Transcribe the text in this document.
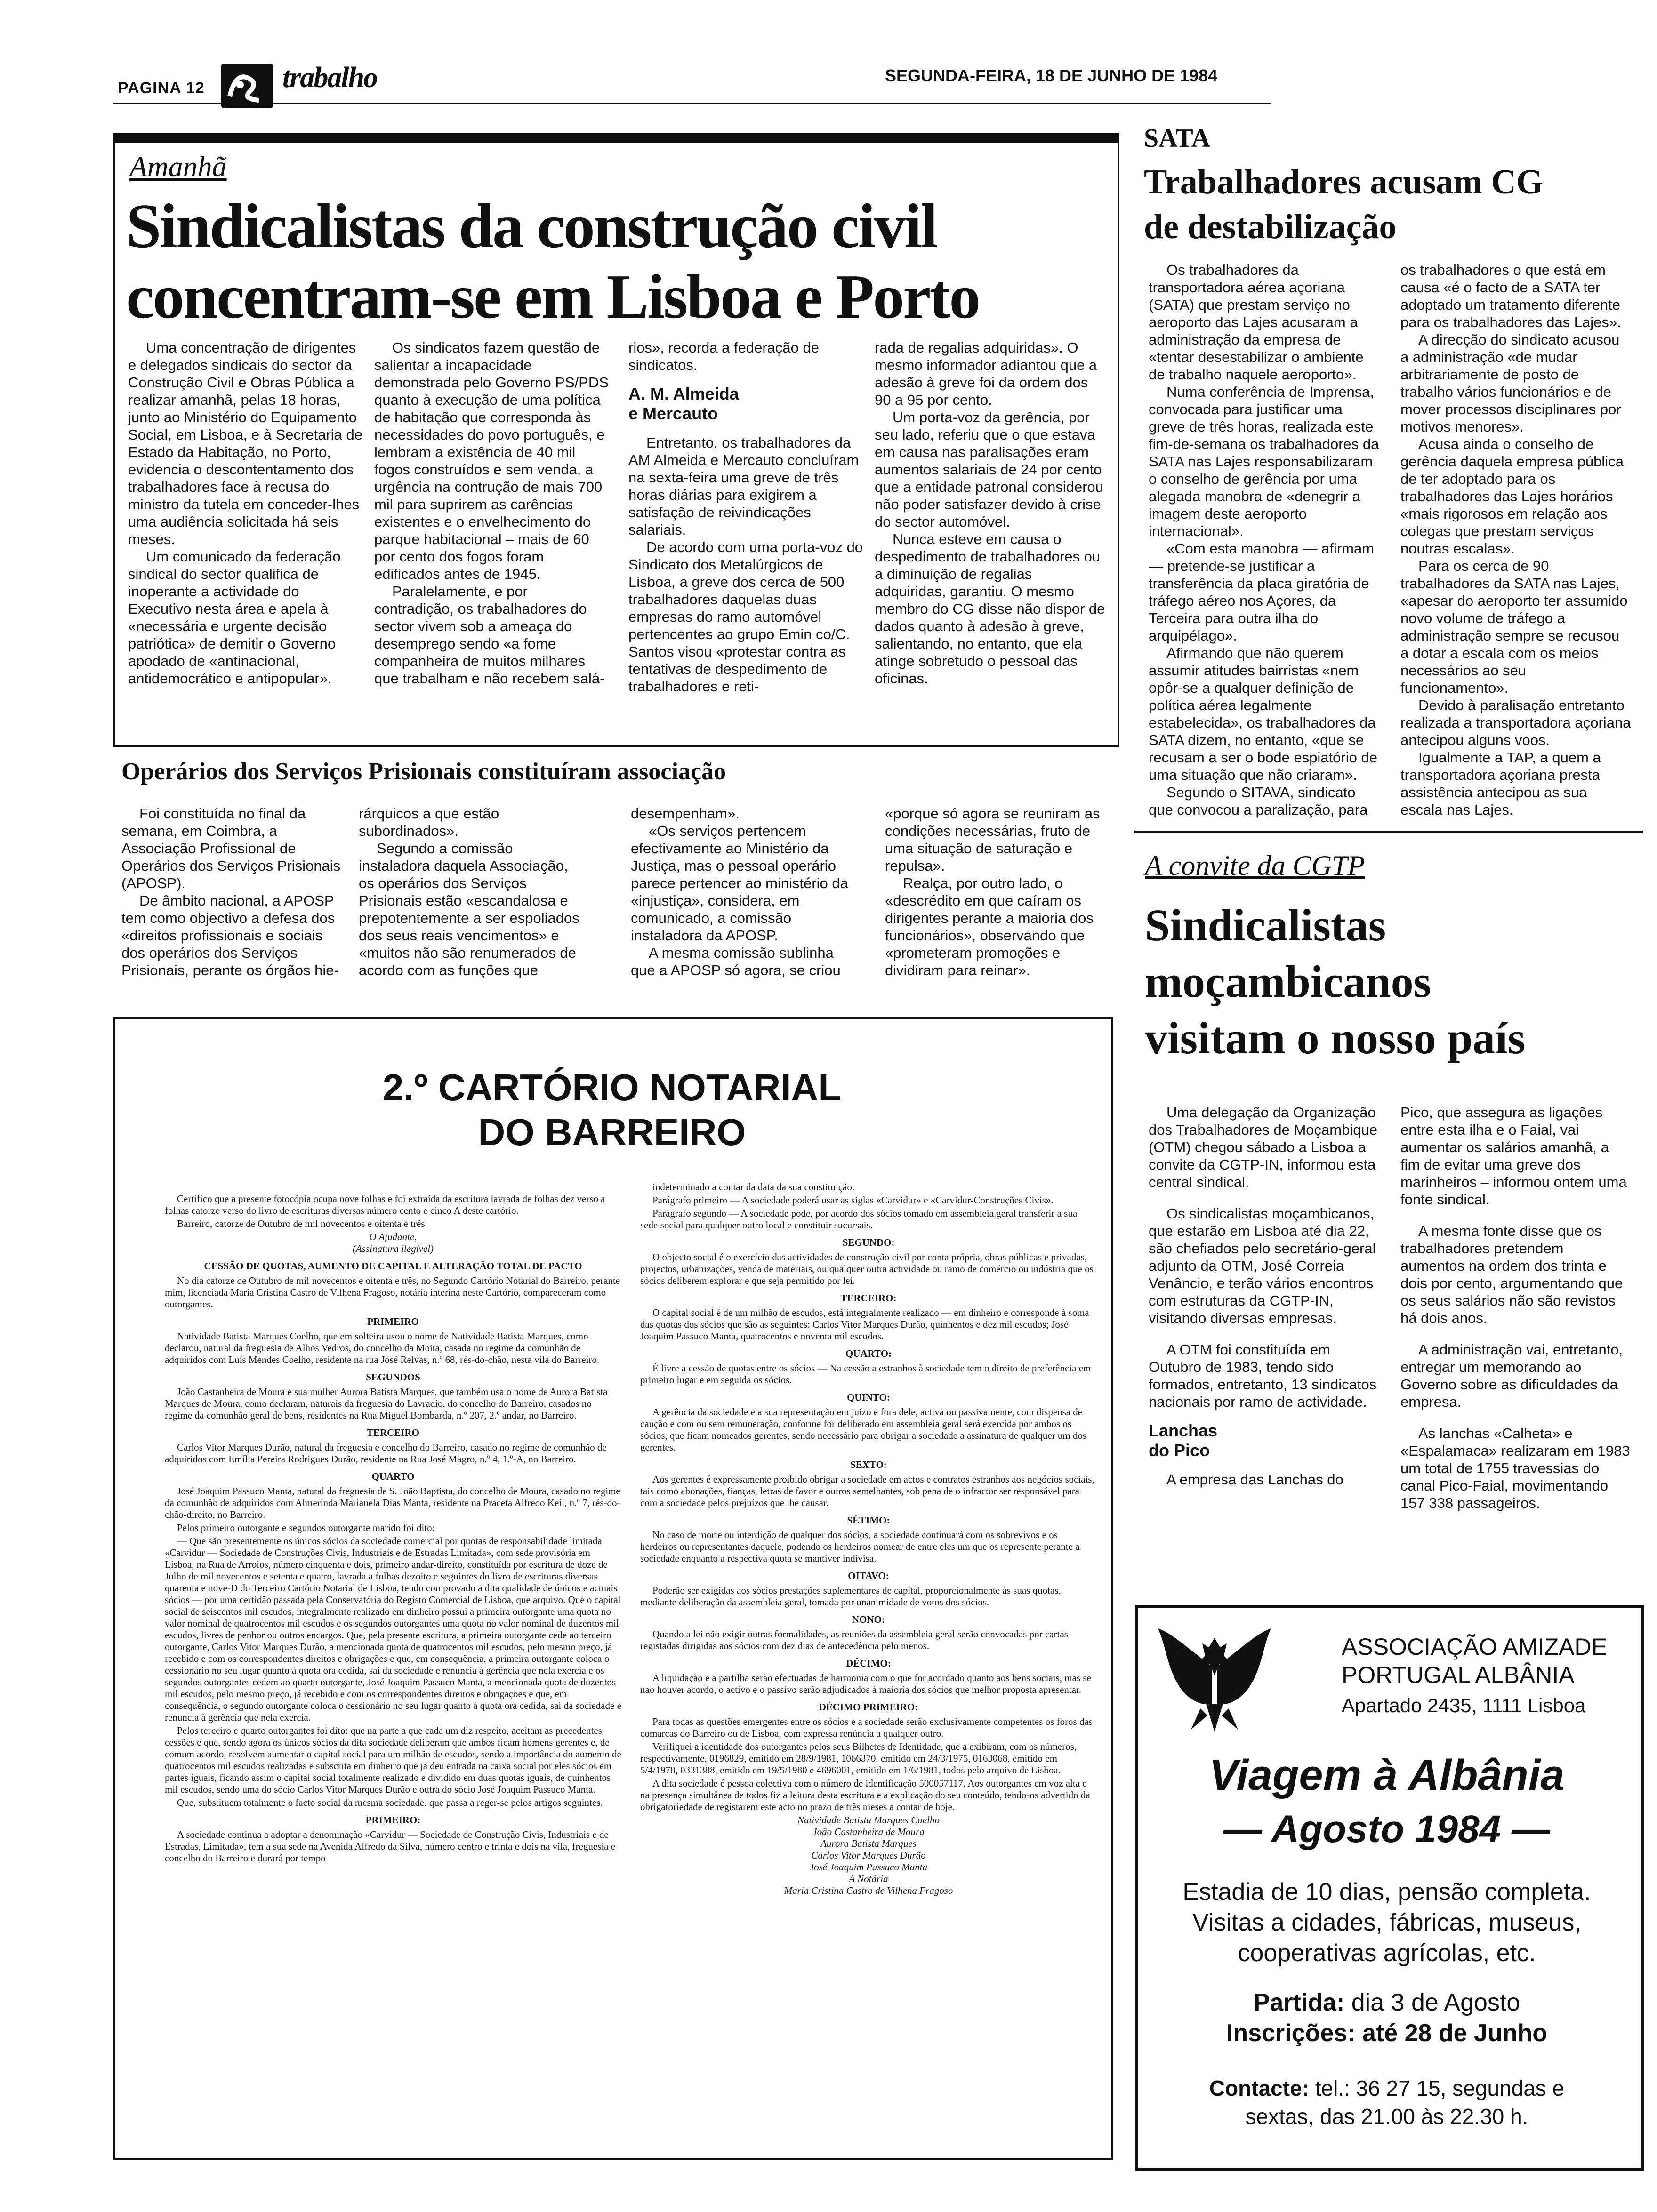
PAGINA 12	trabalho	SEGUNDA-FEIRA, 18 DE JUNHO DE 1984
Amanhã
Sindicalistas da construção civil
concentram-se em Lisboa e Porto

Uma concentração de dirigentes e delegados sindicais do sector da Construção Civil e Obras Pública a realizar amanhã, pelas 18 horas, junto ao Ministério do Equipamento Social, em Lisboa, e à Secretaria de Estado da Habitação, no Porto, evidencia o descontentamento dos trabalhadores face à recusa do ministro da tutela em conceder-lhes uma audiência solicitada há seis meses.

Um comunicado da federação sindical do sector qualifica de inoperante a actividade do Executivo nesta área e apela à «necessária e urgente decisão patriótica» de demitir o Governo apodado de «antinacional, antidemocrático e antipopular».

Os sindicatos fazem questão de salientar a incapacidade demonstrada pelo Governo PS/PDS quanto à execução de uma política de habitação que corresponda às necessidades do povo português, e lembram a existência de 40 mil fogos construídos e sem venda, a urgência na contrução de mais 700 mil para suprirem as carências existentes e o envelhecimento do parque habitacional – mais de 60 por cento dos fogos foram edificados antes de 1945.

Paralelamente, e por contradição, os trabalhadores do sector vivem sob a ameaça do desemprego sendo «a fome companheira de muitos milhares que trabalham e não recebem salá-

rios», recorda a federação de sindicatos.

A. M. Almeida
e Mercauto

Entretanto, os trabalhadores da AM Almeida e Mercauto concluíram na sexta-feira uma greve de três horas diárias para exigirem a satisfação de reivindicações salariais.

De acordo com uma porta-voz do Sindicato dos Metalúrgicos de Lisboa, a greve dos cerca de 500 trabalhadores daquelas duas empresas do ramo automóvel pertencentes ao grupo Emin co/C. Santos visou «protestar contra as tentativas de despedimento de trabalhadores e reti-

rada de regalias adquiridas». O mesmo informador adiantou que a adesão à greve foi da ordem dos 90 a 95 por cento.

Um porta-voz da gerência, por seu lado, referiu que o que estava em causa nas paralisações eram aumentos salariais de 24 por cento que a entidade patronal considerou não poder satisfazer devido à crise do sector automóvel.

Nunca esteve em causa o despedimento de trabalhadores ou a diminuição de regalias adquiridas, garantiu. O mesmo membro do CG disse não dispor de dados quanto à adesão à greve, salientando, no entanto, que ela atinge sobretudo o pessoal das oficinas.

Operários dos Serviços Prisionais constituíram associação

Foi constituída no final da semana, em Coimbra, a Associação Profissional de Operários dos Serviços Prisionais (APOSP).

De âmbito nacional, a APOSP tem como objectivo a defesa dos «direitos profissionais e sociais dos operários dos Serviços Prisionais, perante os órgãos hie-

rárquicos a que estão subordinados».

Segundo a comissão instaladora daquela Associação, os operários dos Serviços Prisionais estão «escandalosa e prepotentemente a ser espoliados dos seus reais vencimentos» e «muitos não são renumerados de acordo com as funções que

desempenham».

«Os serviços pertencem efectivamente ao Ministério da Justiça, mas o pessoal operário parece pertencer ao ministério da «injustiça», considera, em comunicado, a comissão instaladora da APOSP.

A mesma comissão sublinha que a APOSP só agora, se criou

«porque só agora se reuniram as condições necessárias, fruto de uma situação de saturação e repulsa».

Realça, por outro lado, o «descrédito em que caíram os dirigentes perante a maioria dos funcionários», observando que «prometeram promoções e dividiram para reinar».

SATA
Trabalhadores acusam CG
de destabilização

Os trabalhadores da transportadora aérea açoriana (SATA) que prestam serviço no aeroporto das Lajes acusaram a administração da empresa de «tentar desestabilizar o ambiente de trabalho naquele aeroporto».

Numa conferência de Imprensa, convocada para justificar uma greve de três horas, realizada este fim-de-semana os trabalhadores da SATA nas Lajes responsabilizaram o conselho de gerência por uma alegada manobra de «denegrir a imagem deste aeroporto internacional».

«Com esta manobra — afirmam — pretende-se justificar a transferência da placa giratória de tráfego aéreo nos Açores, da Terceira para outra ilha do arquipélago».

Afirmando que não querem assumir atitudes bairristas «nem opôr-se a qualquer definição de política aérea legalmente estabelecida», os trabalhadores da SATA dizem, no entanto, «que se recusam a ser o bode espiatório de uma situação que não criaram».

Segundo o SITAVA, sindicato que convocou a paralização, para

os trabalhadores o que está em causa «é o facto de a SATA ter adoptado um tratamento diferente para os trabalhadores das Lajes».

A direcção do sindicato acusou a administração «de mudar arbitrariamente de posto de trabalho vários funcionários e de mover processos disciplinares por motivos menores».

Acusa ainda o conselho de gerência daquela empresa pública de ter adoptado para os trabalhadores das Lajes horários «mais rigorosos em relação aos colegas que prestam serviços noutras escalas».

Para os cerca de 90 trabalhadores da SATA nas Lajes, «apesar do aeroporto ter assumido novo volume de tráfego a administração sempre se recusou a dotar a escala com os meios necessários ao seu funcionamento».

Devido à paralisação entretanto realizada a transportadora açoriana antecipou alguns voos.

Igualmente a TAP, a quem a transportadora açoriana presta assistência antecipou as sua escala nas Lajes.

A convite da CGTP
Sindicalistas
moçambicanos
visitam o nosso país

Uma delegação da Organização dos Trabalhadores de Moçambique (OTM) chegou sábado a Lisboa a convite da CGTP-IN, informou esta central sindical.

Os sindicalistas moçambicanos, que estarão em Lisboa até dia 22, são chefiados pelo secretário-geral adjunto da OTM, José Correia Venâncio, e terão vários encontros com estruturas da CGTP-IN, visitando diversas empresas.

A OTM foi constituída em Outubro de 1983, tendo sido formados, entretanto, 13 sindicatos nacionais por ramo de actividade.

Lanchas
do Pico

A empresa das Lanchas do

Pico, que assegura as ligações entre esta ilha e o Faial, vai aumentar os salários amanhã, a fim de evitar uma greve dos marinheiros – informou ontem uma fonte sindical.

A mesma fonte disse que os trabalhadores pretendem aumentos na ordem dos trinta e dois por cento, argumentando que os seus salários não são revistos há dois anos.

A administração vai, entretanto, entregar um memorando ao Governo sobre as dificuldades da empresa.

As lanchas «Calheta» e «Espalamaca» realizaram em 1983 um total de 1755 travessias do canal Pico-Faial, movimentando 157 338 passageiros.

2.º CARTÓRIO NOTARIAL
DO BARREIRO

Certifico que a presente fotocópia ocupa nove folhas e foi extraída da escritura lavrada de folhas dez verso a folhas catorze verso do livro de escrituras diversas número cento e cinco A deste cartório.

Barreiro, catorze de Outubro de mil novecentos e oitenta e três

O Ajudante,

(Assinatura ilegível)

CESSÃO DE QUOTAS, AUMENTO DE CAPITAL E ALTERAÇÃO TOTAL DE PACTO

No dia catorze de Outubro de mil novecentos e oitenta e três, no Segundo Cartório Notarial do Barreiro, perante mim, licenciada Maria Cristina Castro de Vilhena Fragoso, notária interina neste Cartório, compareceram como outorgantes.

PRIMEIRO

Natividade Batista Marques Coelho, que em solteira usou o nome de Natividade Batista Marques, como declarou, natural da freguesia de Alhos Vedros, do concelho da Moita, casada no regime da comunhão de adquiridos com Luís Mendes Coelho, residente na rua José Relvas, n.º 68, rés-do-chão, nesta vila do Barreiro.

SEGUNDOS

João Castanheira de Moura e sua mulher Aurora Batista Marques, que também usa o nome de Aurora Batista Marques de Moura, como declaram, naturais da freguesia do Lavradio, do concelho do Barreiro, casados no regime da comunhão geral de bens, residentes na Rua Miguel Bombarda, n.º 207, 2.º andar, no Barreiro.

TERCEIRO

Carlos Vitor Marques Durão, natural da freguesia e concelho do Barreiro, casado no regime de comunhão de adquiridos com Emília Pereira Rodrigues Durão, residente na Rua José Magro, n.º 4, 1.º-A, no Barreiro.

QUARTO

José Joaquim Passuco Manta, natural da freguesia de S. João Baptista, do concelho de Moura, casado no regime da comunhão de adquiridos com Almerinda Marianela Dias Manta, residente na Praceta Alfredo Keil, n.º 7, rés-do-chão-direito, no Barreiro.

Pelos primeiro outorgante e segundos outorgante marido foi dito:

— Que são presentemente os únicos sócios da sociedade comercial por quotas de responsabilidade limitada «Carvidur — Sociedade de Construções Civis, Industriais e de Estradas Limitada», com sede provisória em Lisboa, na Rua de Arroios, número cinquenta e dois, primeiro andar-direito, constituída por escritura de doze de Julho de mil novecentos e setenta e quatro, lavrada a folhas dezoito e seguintes do livro de escrituras diversas quarenta e nove-D do Terceiro Cartório Notarial de Lisboa, tendo comprovado a dita qualidade de únicos e actuais sócios — por uma certidão passada pela Conservatória do Registo Comercial de Lisboa, que arquivo. Que o capital social de seiscentos mil escudos, integralmente realizado em dinheiro possui a primeira outorgante uma quota no valor nominal de quatrocentos mil escudos e os segundos outorgantes uma quota no valor nominal de duzentos mil escudos, livres de penhor ou outros encargos. Que, pela presente escritura, a primeira outorgante cede ao terceiro outorgante, Carlos Vitor Marques Durão, a mencionada quota de quatrocentos mil escudos, pelo mesmo preço, já recebido e com os correspondentes direitos e obrigações e que, em consequência, a primeira outorgante coloca o cessionário no seu lugar quanto à quota ora cedida, sai da sociedade e renuncia à gerência que nela exercia e os segundos outorgantes cedem ao quarto outorgante, José Joaquim Passuco Manta, a mencionada quota de duzentos mil escudos, pelo mesmo preço, já recebido e com os correspondentes direitos e obrigações e que, em consequência, o segundo outorgante coloca o cessionário no seu lugar quanto à quota ora cedida, sai da sociedade e renuncia à gerência que nela exercia.

Pelos terceiro e quarto outorgantes foi dito: que na parte a que cada um diz respeito, aceitam as precedentes cessões e que, sendo agora os únicos sócios da dita sociedade deliberam que ambos ficam homens gerentes e, de comum acordo, resolvem aumentar o capital social para um milhão de escudos, sendo a importância do aumento de quatrocentos mil escudos realizadas e subscrita em dinheiro que já deu entrada na caixa social por eles sócios em partes iguais, ficando assim o capital social totalmente realizado e dividido em duas quotas iguais, de quinhentos mil escudos, sendo uma do sócio Carlos Vitor Marques Durão e outra do sócio José Joaquim Passuco Manta.

Que, substituem totalmente o facto social da mesma sociedade, que passa a reger-se pelos artigos seguintes.

PRIMEIRO:

A sociedade continua a adoptar a denominação «Carvidur — Sociedade de Construção Civis, Industriais e de Estradas, Limitada», tem a sua sede na Avenida Alfredo da Silva, número centro e trinta e dois na vila, freguesia e concelho do Barreiro e durará por tempo

indeterminado a contar da data da sua constituição.

Parágrafo primeiro — A sociedade poderá usar as siglas «Carvidur» e «Carvidur-Construções Civis».

Parágrafo segundo — A sociedade pode, por acordo dos sócios tomado em assembleia geral transferir a sua sede social para qualquer outro local e constituir sucursais.

SEGUNDO:

O objecto social é o exercício das actividades de construção civil por conta própria, obras públicas e privadas, projectos, urbanizações, venda de materiais, ou qualquer outra actividade ou ramo de comércio ou indústria que os sócios deliberem explorar e que seja permitido por lei.

TERCEIRO:

O capital social é de um milhão de escudos, está integralmente realizado — em dinheiro e corresponde à soma das quotas dos sócios que são as seguintes: Carlos Vitor Marques Durão, quinhentos e dez mil escudos; José Joaquim Passuco Manta, quatrocentos e noventa mil escudos.

QUARTO:

É livre a cessão de quotas entre os sócios — Na cessão a estranhos à sociedade tem o direito de preferência em primeiro lugar e em seguida os sócios.

QUINTO:

A gerência da sociedade e a sua representação em juízo e fora dele, activa ou passivamente, com dispensa de caução e com ou sem remuneração, conforme for deliberado em assembleia geral será exercida por ambos os sócios, que ficam nomeados gerentes, sendo necessário para obrigar a sociedade a assinatura de qualquer um dos gerentes.

SEXTO:

Aos gerentes é expressamente proibido obrigar a sociedade em actos e contratos estranhos aos negócios sociais, tais como abonações, fianças, letras de favor e outros semelhantes, sob pena de o infractor ser responsável para com a sociedade pelos prejuízos que lhe causar.

SÉTIMO:

No caso de morte ou interdição de qualquer dos sócios, a sociedade continuará com os sobrevivos e os herdeiros ou representantes daquele, podendo os herdeiros nomear de entre eles um que os represente perante a sociedade enquanto a respectiva quota se mantiver indivisa.

OITAVO:

Poderão ser exigidas aos sócios prestações suplementares de capital, proporcionalmente às suas quotas, mediante deliberação da assembleia geral, tomada por unanimidade de votos dos sócios.

NONO:

Quando a lei não exigir outras formalidades, as reuniões da assembleia geral serão convocadas por cartas registadas dirigidas aos sócios com dez dias de antecedência pelo menos.

DÉCIMO:

A liquidação e a partilha serão efectuadas de harmonia com o que for acordado quanto aos bens sociais, mas se nao houver acordo, o activo e o passivo serão adjudicados à maioria dos sócios que melhor proposta apresentar.

DÉCIMO PRIMEIRO:

Para todas as questões emergentes entre os sócios e a sociedade serão exclusivamente competentes os foros das comarcas do Barreiro ou de Lisboa, com expressa renúncia a qualquer outro.

Verifiquei a identidade dos outorgantes pelos seus Bilhetes de Identidade, que a exibiram, com os números, respectivamente, 0196829, emitido em 28/9/1981, 1066370, emitido em 24/3/1975, 0163068, emitido em 5/4/1978, 0331388, emitido em 19/5/1980 e 4696001, emitido em 1/6/1981, todos pelo arquivo de Lisboa.

A dita sociedade é pessoa colectiva com o número de identificação 500057117. Aos outorgantes em voz alta e na presença simultânea de todos fiz a leitura desta escritura e a explicação do seu conteúdo, tendo-os advertido da obrigatoriedade de registarem este acto no prazo de três meses a contar de hoje.

Natividade Batista Marques Coelho

João Castanheira de Moura

Aurora Batista Marques

Carlos Vitor Marques Durão

José Joaquim Passuco Manta

A Notária

Maria Cristina Castro de Vilhena Fragoso

ASSOCIAÇÃO AMIZADE
PORTUGAL ALBÂNIA
Apartado 2435, 1111 Lisboa
Viagem à Albânia
— Agosto 1984 —
Estadia de 10 dias, pensão completa.
Visitas a cidades, fábricas, museus,
cooperativas agrícolas, etc.
Partida: dia 3 de Agosto
Inscrições: até 28 de Junho
Contacte: tel.: 36 27 15, segundas e
sextas, das 21.00 às 22.30 h.
